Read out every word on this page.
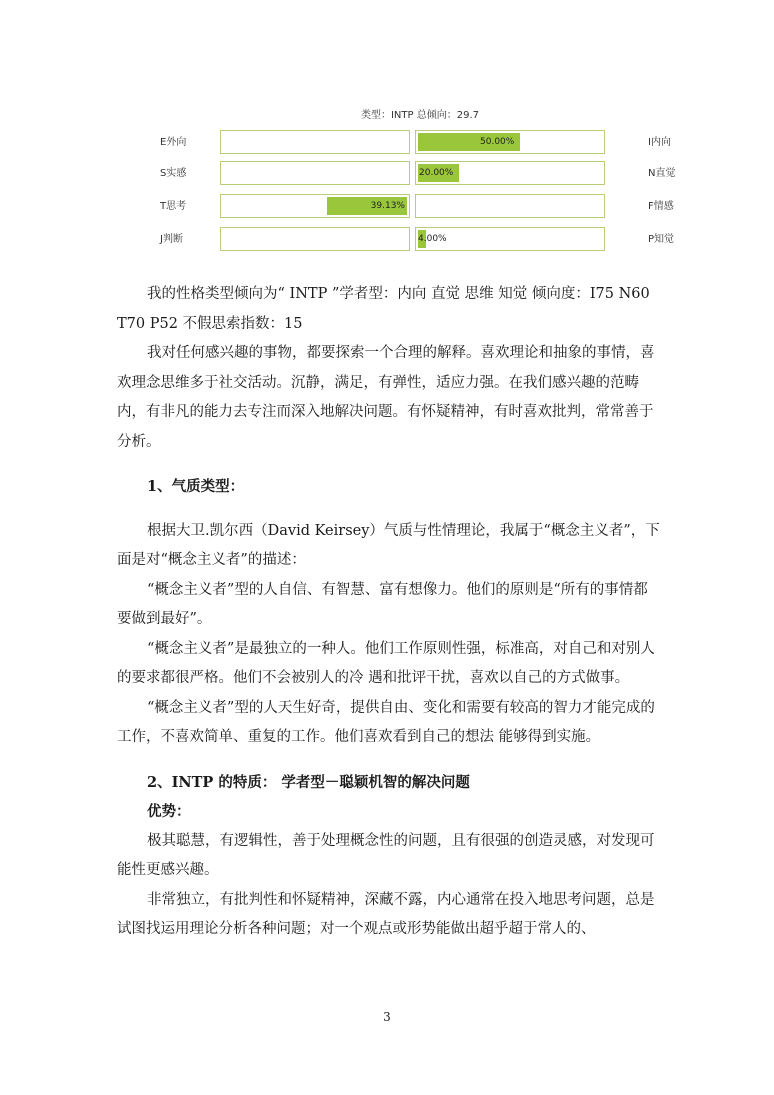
类型：INTP 总倾向：29.7
E外向	50.00%	I内向
S实感	20.00%	N直觉
T思考	39.13%	F情感
J判断	4.00%	P知觉

我的性格类型倾向为“ INTP ”学者型：内向 直觉 思维 知觉 倾向度：I75 N60 T70 P52 不假思索指数：15

我对任何感兴趣的事物，都要探索一个合理的解释。喜欢理论和抽象的事情，喜欢理念思维多于社交活动。沉静，满足，有弹性，适应力强。在我们感兴趣的范畴内，有非凡的能力去专注而深入地解决问题。有怀疑精神，有时喜欢批判，常常善于分析。

1、气质类型：

根据大卫.凯尔西（David Keirsey）气质与性情理论，我属于“概念主义者”，下面是对“概念主义者”的描述：

“概念主义者”型的人自信、有智慧、富有想像力。他们的原则是“所有的事情都要做到最好”。

“概念主义者”是最独立的一种人。他们工作原则性强，标准高，对自己和对别人的要求都很严格。他们不会被别人的冷 遇和批评干扰，喜欢以自己的方式做事。

“概念主义者”型的人天生好奇，提供自由、变化和需要有较高的智力才能完成的工作，不喜欢简单、重复的工作。他们喜欢看到自己的想法 能够得到实施。

2、INTP 的特质： 学者型－聪颖机智的解决问题

优势：

极其聪慧，有逻辑性，善于处理概念性的问题，且有很强的创造灵感，对发现可能性更感兴趣。

非常独立，有批判性和怀疑精神，深藏不露，内心通常在投入地思考问题，总是试图找运用理论分析各种问题；对一个观点或形势能做出超乎超于常人的、

3
